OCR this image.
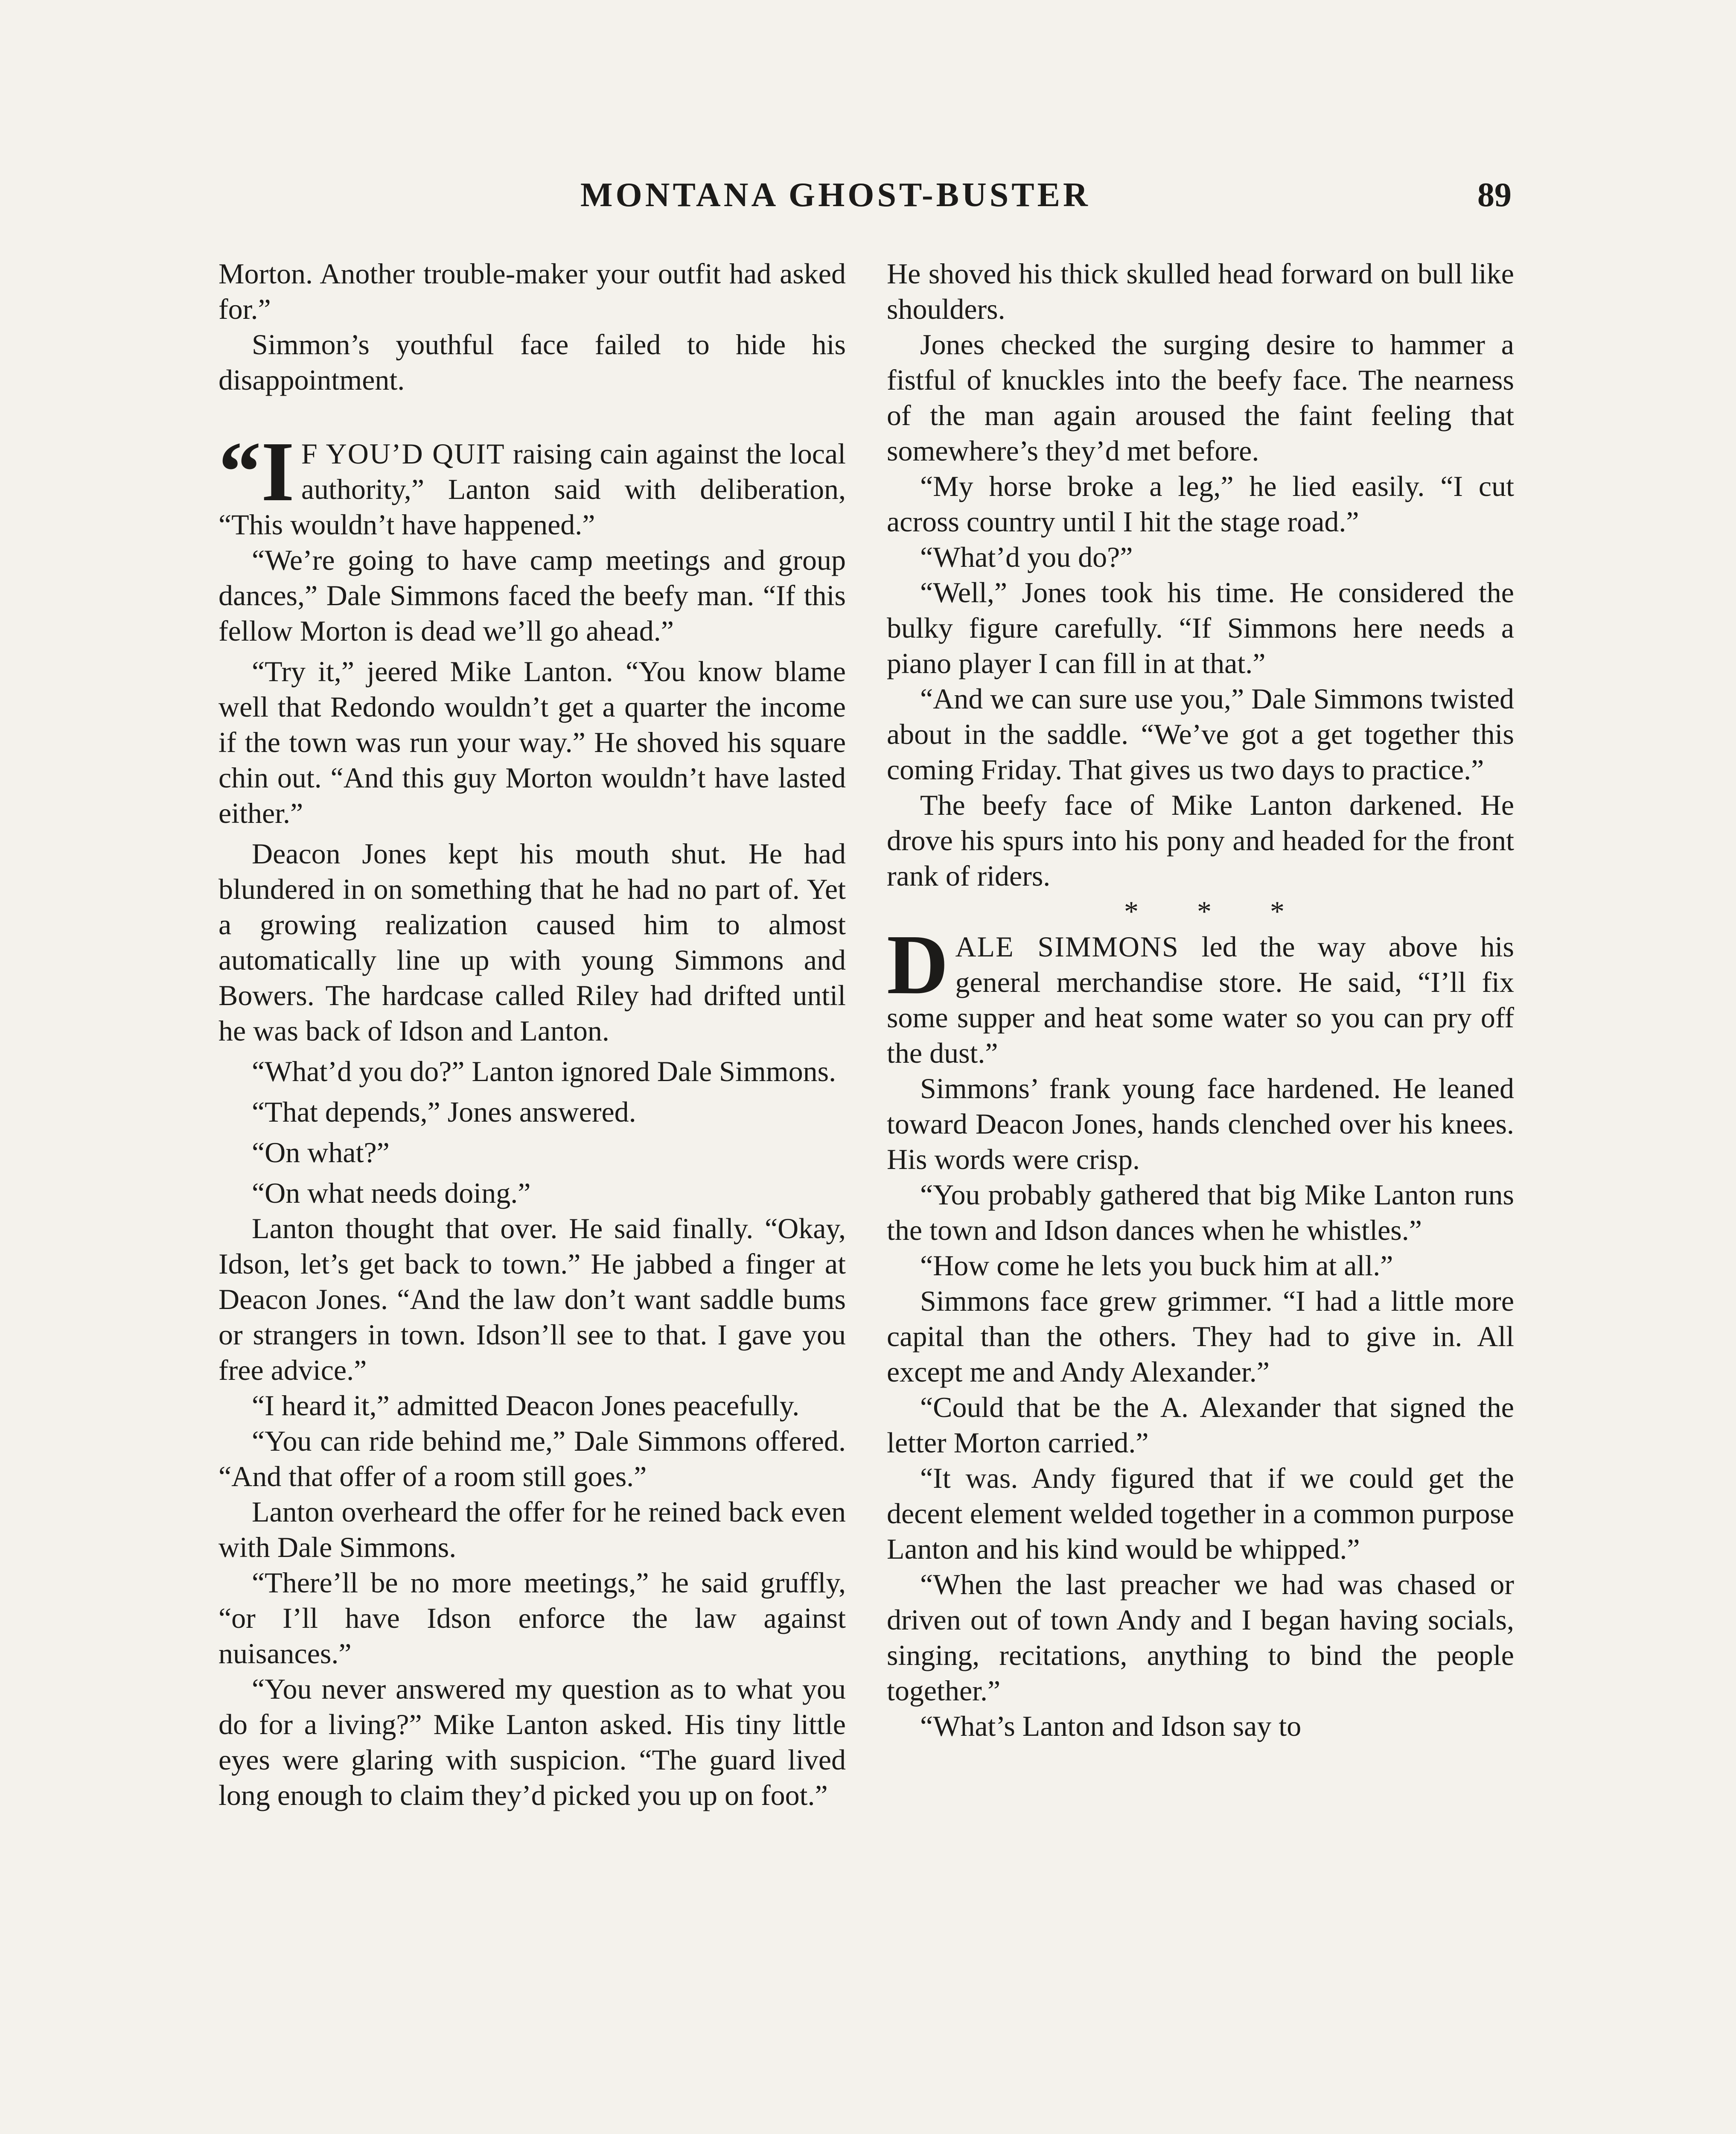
MONTANA GHOST-BUSTER	89

Morton. Another trouble-maker your outfit had asked for.”

Simmon’s youthful face failed to hide his disappointment.

“I F YOU’D QUIT raising cain against the local authority,” Lanton said with deliberation, “This wouldn’t have happened.”

“We’re going to have camp meetings and group dances,” Dale Simmons faced the beefy man. “If this fellow Morton is dead we’ll go ahead.”

“Try it,” jeered Mike Lanton. “You know blame well that Redondo wouldn’t get a quarter the income if the town was run your way.” He shoved his square chin out. “And this guy Morton wouldn’t have lasted either.”

Deacon Jones kept his mouth shut. He had blundered in on something that he had no part of. Yet a growing realization caused him to almost automatically line up with young Simmons and Bowers. The hardcase called Riley had drifted until he was back of Idson and Lanton.

“What’d you do?” Lanton ignored Dale Simmons.

“That depends,” Jones answered.

“On what?”

“On what needs doing.”

Lanton thought that over. He said finally. “Okay, Idson, let’s get back to town.” He jabbed a finger at Deacon Jones. “And the law don’t want saddle bums or strangers in town. Idson’ll see to that. I gave you free advice.”

“I heard it,” admitted Deacon Jones peacefully.

“You can ride behind me,” Dale Simmons offered. “And that offer of a room still goes.”

Lanton overheard the offer for he reined back even with Dale Simmons.

“There’ll be no more meetings,” he said gruffly, “or I’ll have Idson enforce the law against nuisances.”

“You never answered my question as to what you do for a living?” Mike Lanton asked. His tiny little eyes were glaring with suspicion. “The guard lived long enough to claim they’d picked you up on foot.”

He shoved his thick skulled head forward on bull like shoulders.

Jones checked the surging desire to hammer a fistful of knuckles into the beefy face. The nearness of the man again aroused the faint feeling that somewhere’s they’d met before.

“My horse broke a leg,” he lied easily. “I cut across country until I hit the stage road.”

“What’d you do?”

“Well,” Jones took his time. He considered the bulky figure carefully. “If Simmons here needs a piano player I can fill in at that.”

“And we can sure use you,” Dale Simmons twisted about in the saddle. “We’ve got a get together this coming Friday. That gives us two days to practice.”

The beefy face of Mike Lanton darkened. He drove his spurs into his pony and headed for the front rank of riders.

* * *

DALE SIMMONS led the way above his general merchandise store. He said, “I’ll fix some supper and heat some water so you can pry off the dust.”

Simmons’ frank young face hardened. He leaned toward Deacon Jones, hands clenched over his knees. His words were crisp.

“You probably gathered that big Mike Lanton runs the town and Idson dances when he whistles.”

“How come he lets you buck him at all.”

Simmons face grew grimmer. “I had a little more capital than the others. They had to give in. All except me and Andy Alexander.”

“Could that be the A. Alexander that signed the letter Morton carried.”

“It was. Andy figured that if we could get the decent element welded together in a common purpose Lanton and his kind would be whipped.”

“When the last preacher we had was chased or driven out of town Andy and I began having socials, singing, recitations, anything to bind the people together.”

“What’s Lanton and Idson say to
